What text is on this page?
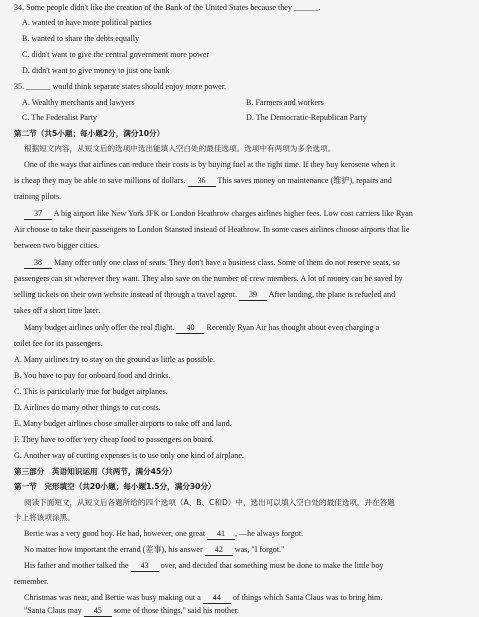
34. Some people didn't like the creation of the Bank of the United States because they ______.
A. wanted to have more political parties
B. wanted to share the debts equally
C. didn't want to give the central government more power
D. didn't want to give money to just one bank
35. ______ would think separate states should enjoy more power.
A. Wealthy merchants and lawyers	B. Farmers and workers
C. The Federalist Party	D. The Democratic-Republican Party
第二节（共5小题；每小题2分，满分10分）
根据短文内容，从短文后的选项中选出能填入空白处的最佳选项。选项中有两项为多余选项。
One of the ways that airlines can reduce their costs is by buying fuel at the right time. If they buy kerosene when it
is cheap they may be able to save millions of dollars. 36 This saves money on maintenance (维护), repairs and
training pilots.
37 A big airport like New York JFK or London Heathrow charges airlines higher fees. Low cost carriers like Ryan
Air choose to take their passengers to London Stansted instead of Heathrow. In some cases airlines choose airports that lie
between two bigger cities.
38 Many offer only one class of seats. They don't have a business class. Some of them do not reserve seats, so
passengers can sit wherever they want. They also save on the number of crew members. A lot of money can be saved by
selling tickets on their own website instead of through a travel agent. 39 After landing, the plane is refueled and
takes off a short time later.
Many budget airlines only offer the real flight. 40 Recently Ryan Air has thought about even charging a
toilet fee for its passengers.
A. Many airlines try to stay on the ground as little as possible.
B. You have to pay for onboard food and drinks.
C. This is particularly true for budget airplanes.
D. Airlines do many other things to cut costs.
E. Many budget airlines chose smaller airports to take off and land.
F. They have to offer very cheap food to passengers on board.
G. Another way of cutting expenses is to use only one kind of airplane.
第三部分　英语知识运用（共两节，满分45分）
第一节　完形填空（共20小题；每小题1.5分，满分30分）
阅读下面短文，从短文后各题所给的四个选项（A、B、C和D）中，选出可以填入空白处的最佳选项，并在答题
卡上将该项涂黑。
Bertie was a very good boy. He had, however, one great 41 , —he always forgot.
No matter how important the errand (差事), his answer 42 was, "I forgot."
His father and mother talked the 43 over, and decided that something must be done to make the little boy
remember.
Christmas was near, and Bertie was busy making out a 44 of things which Santa Claus was to bring him.
"Santa Claus may 45 some of those things," said his mother.
